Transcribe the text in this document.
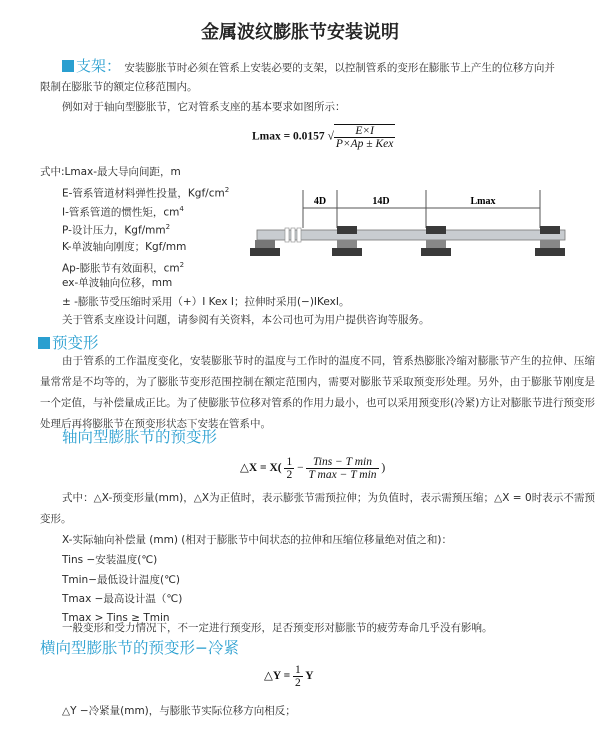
金属波纹膨胀节安装说明
支架： 安装膨胀节时必须在管系上安装必要的支架，以控制管系的变形在膨胀节上产生的位移方向并
限制在膨胀节的额定位移范围内。
例如对于轴向型膨胀节，它对管系支座的基本要求如图所示：
Lmax = 0.0157 √ $\frac{E\times I}{\text{P×Ap ± Kex}}$
式中:Lmax-最大导向间距，m
E-管系管道材料弹性投量，Kgf/$cm^2$
I-管系管道的惯性矩，$cm^4$
P-设计压力，Kgf/$mm^2$
K-单波轴向刚度；Kgf/mm
Ap-膨胀节有效面积，$cm^2$
ex-单波轴向位移，mm
± -膨胀节受压缩时采用（+）I Kex I；拉伸时采用(−)IKexI。
关于管系支座设计问题，请参阅有关资料，本公司也可为用户提供咨询等服务。
4D	14D	Lmax
预变形
由于管系的工作温度变化，安装膨胀节时的温度与工作时的温度不同，管系热膨胀冷缩对膨胀节产生的拉伸、压缩量常常是不均等的，为了膨胀节变形范围控制在额定范围内，需要对膨胀节采取预变形处理。另外，由于膨胀节刚度是一个定值，与补偿量成正比。为了使膨胀节位移对管系的作用力最小，也可以采用预变形(冷紧)方让对膨胀节进行预变形处理后再将膨胀节在预变形状态下安装在管系中。
轴向型膨胀节的预变形
△X = $X( \frac{1}{2} - \frac{\text{Tins − T min}}{\text{T max − T min}}$ )
式中：△X-预变形量(mm)，△X为正值时，表示膨张节需预拉伸；为负值时，表示需预压缩；△X = 0时表示不需预变形。
X-实际轴向补偿量 (mm) (相对于膨胀节中间状态的拉伸和压缩位移量绝对值之和)：
Tins −安装温度(℃)
Tmin−最低设计温度(℃)
Tmax −最高设计温（℃)
Tmax > Tins ≥ Tmin
一般变形和受力情况下，不一定进行预变形，足否预变形对膨胀节的疲劳寿命几乎没有影响。
横向型膨胀节的预变形−冷紧
△Y = $\frac{1}{2}$ Y
△Y −冷紧量(mm)，与膨胀节实际位移方向相反；
